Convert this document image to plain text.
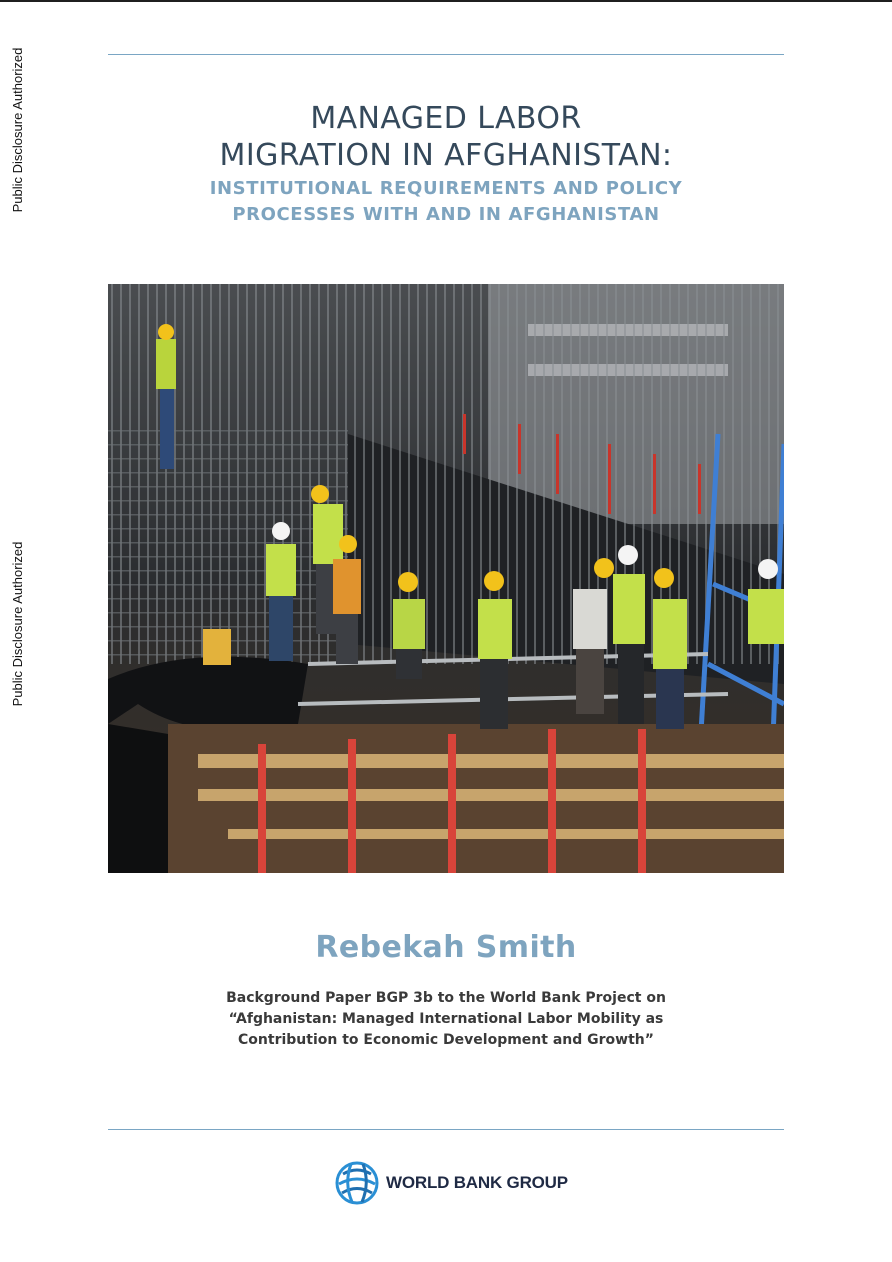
Public Disclosure Authorized
Public Disclosure Authorized
MANAGED LABOR
MIGRATION IN AFGHANISTAN:
INSTITUTIONAL REQUIREMENTS AND POLICY
PROCESSES WITH AND IN AFGHANISTAN
Rebekah Smith
Background Paper BGP 3b to the World Bank Project on
“Afghanistan: Managed International Labor Mobility as
Contribution to Economic Development and Growth”
WORLD BANK GROUP
